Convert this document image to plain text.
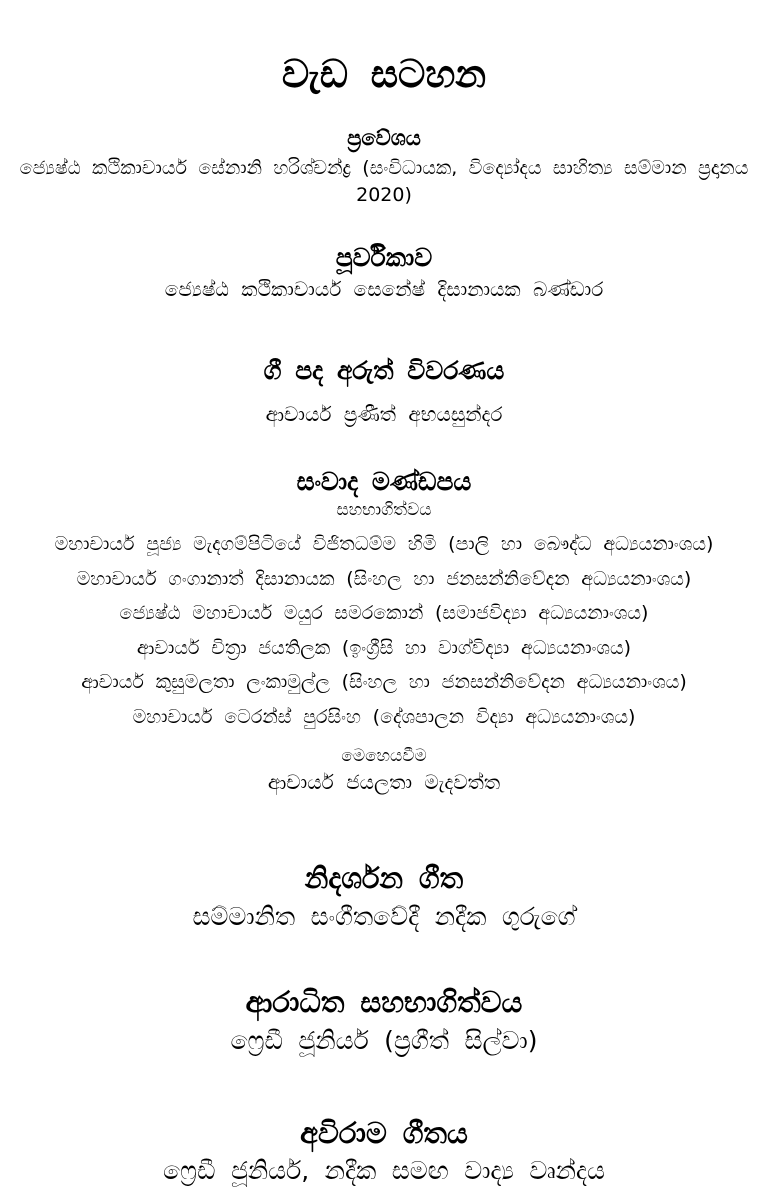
වැඩ සටහන
ප්‍රවේශය

ජ්‍යෙෂ්ඨ කථිකාචාර්ය සේනානි හරිශ්චන්ද්‍ර (සංවිධායක, විද්‍යෝදය සාහිත්‍ය සම්මාන ප්‍රදානය 2020)

පූර්විකාව

ජ්‍යෙෂ්ඨ කථිකාචාර්ය සෙනේෂ් දිසානායක බණ්ඩාර

ගී පද අරුත් විවරණය

ආචාර්ය ප්‍රණීත් අභයසුන්දර

සංවාද මණ්ඩපය

සහභාගිත්වය

මහාචාර්ය පූජ්‍ය මැදගම්පිටියේ විජිතධම්ම හිමි (පාලි හා බෞද්ධ අධ්‍යයනාංශය)

මහාචාර්ය ගංගානාත් දිසානායක (සිංහල හා ජනසන්නිවේදන අධ්‍යයනාංශය)

ජ්‍යෙෂ්ඨ මහාචාර්ය මයුර සමරකොන් (සමාජවිද්‍යා අධ්‍යයනාංශය)

ආචාර්ය චිත්‍රා ජයතිලක (ඉංග්‍රීසි හා වාග්විද්‍යා අධ්‍යයනාංශය)

ආචාර්ය කුසුමලතා ලංකාමුල්ල (සිංහල හා ජනසන්නිවේදන අධ්‍යයනාංශය)

මහාචාර්ය ටෙරන්ස් පුරසිංහ (දේශපාලන විද්‍යා අධ්‍යයනාංශය)

මෙහෙයවීම

ආචාර්ය ජයලතා මැදවත්ත

නිදර්ශන ගීත

සම්මානිත සංගීතවේදී නදීක ගුරුගේ

ආරාධිත සහභාගිත්වය

ෆ්‍රෙඩී ජූනියර් (ප්‍රගීත් සිල්වා)

අවිරාම ගීතය

ෆ්‍රෙඩී ජූනියර්, නදීක සමඟ වාද්‍ය වෘන්දය
